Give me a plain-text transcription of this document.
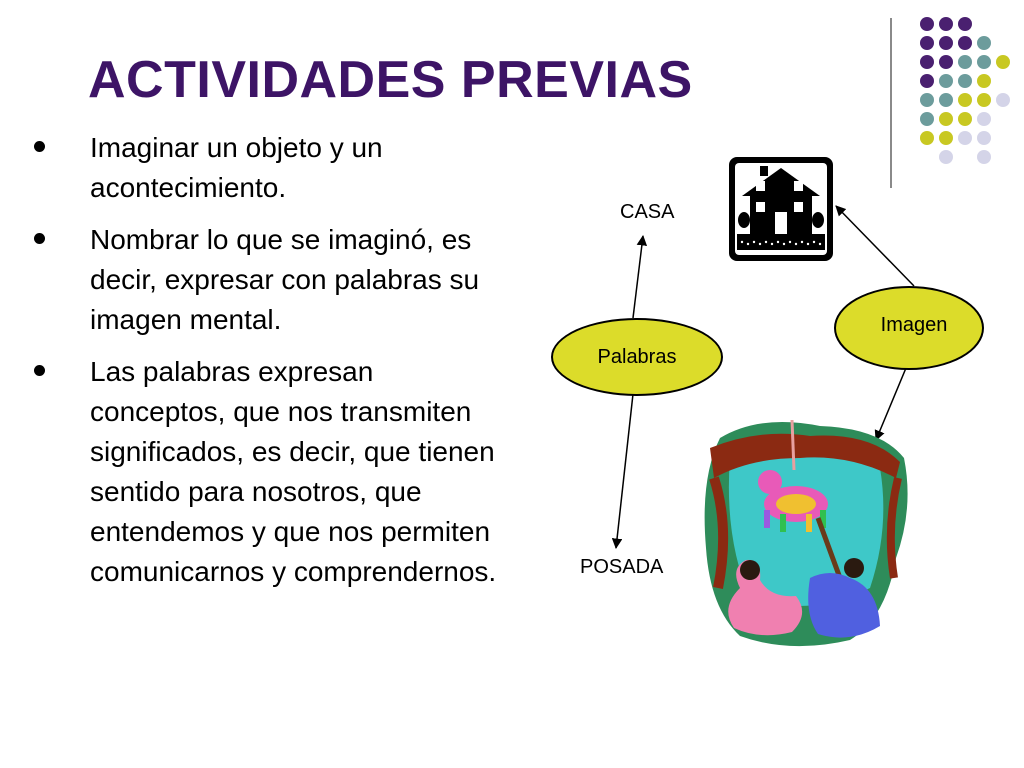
ACTIVIDADES PREVIAS
Imaginar un objeto y un acontecimiento.
Nombrar lo que se imaginó, es decir, expresar con palabras su imagen mental.
Las palabras expresan conceptos, que nos transmiten significados, es decir, que tienen sentido para nosotros, que entendemos y que nos permiten comunicarnos y comprendernos.
CASA
POSADA
Palabras
Imagen
